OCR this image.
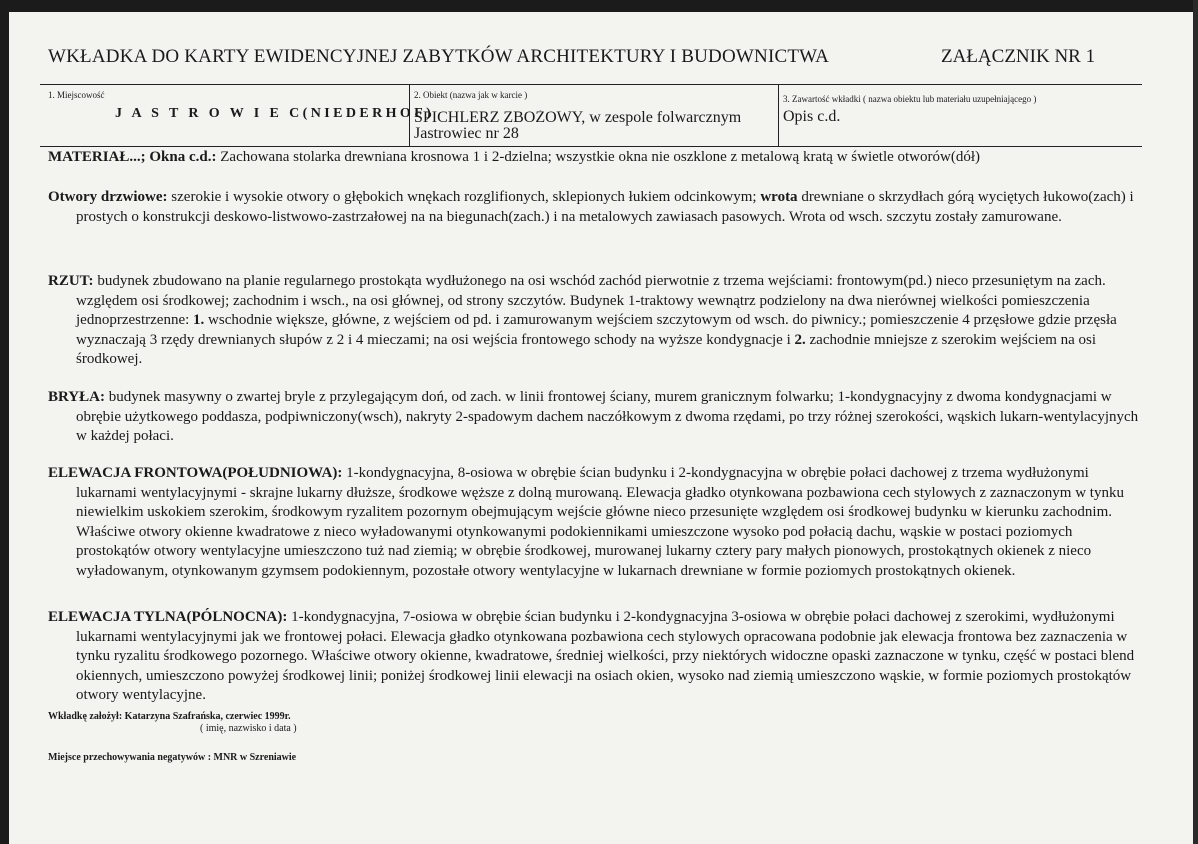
WKŁADKA DO KARTY EWIDENCYJNEJ ZABYTKÓW ARCHITEKTURY I BUDOWNICTWA	ZAŁĄCZNIK NR 1
1. Miejscowość
J A S T R O W I E C(NIEDERHOF)
2. Obiekt (nazwa jak w karcie )
SPICHLERZ ZBOŻOWY, w zespole folwarcznym Jastrowiec nr 28
3. Zawartość wkładki ( nazwa obiektu lub materiału uzupełniającego )
Opis c.d.
MATERIAŁ...; Okna c.d.: Zachowana stolarka drewniana krosnowa 1 i 2-dzielna; wszystkie okna nie oszklone z metalową kratą w świetle otworów(dół)
Otwory drzwiowe: szerokie i wysokie otwory o głębokich wnękach rozglifionych, sklepionych łukiem odcinkowym; wrota drewniane o skrzydłach górą wyciętych łukowo(zach) i prostych o konstrukcji deskowo-listwowo-zastrzałowej na na biegunach(zach.) i na metalowych zawiasach pasowych. Wrota od wsch. szczytu zostały zamurowane.
RZUT: budynek zbudowano na planie regularnego prostokąta wydłużonego na osi wschód zachód pierwotnie z trzema wejściami: frontowym(pd.) nieco przesuniętym na zach. względem osi środkowej; zachodnim i wsch., na osi głównej, od strony szczytów. Budynek 1-traktowy wewnątrz podzielony na dwa nierównej wielkości pomieszczenia jednoprzestrzenne: 1. wschodnie większe, główne, z wejściem od pd. i zamurowanym wejściem szczytowym od wsch. do piwnicy.; pomieszczenie 4 przęsłowe gdzie przęsła wyznaczają 3 rzędy drewnianych słupów z 2 i 4 mieczami; na osi wejścia frontowego schody na wyższe kondygnacje i 2. zachodnie mniejsze z szerokim wejściem na osi środkowej.
BRYŁA: budynek masywny o zwartej bryle z przylegającym doń, od zach. w linii frontowej ściany, murem granicznym folwarku; 1-kondygnacyjny z dwoma kondygnacjami w obrębie użytkowego poddasza, podpiwniczony(wsch), nakryty 2-spadowym dachem naczółkowym z dwoma rzędami, po trzy różnej szerokości, wąskich lukarn-wentylacyjnych w każdej połaci.
ELEWACJA FRONTOWA(POŁUDNIOWA): 1-kondygnacyjna, 8-osiowa w obrębie ścian budynku i 2-kondygnacyjna w obrębie połaci dachowej z trzema wydłużonymi lukarnami wentylacyjnymi - skrajne lukarny dłuższe, środkowe węższe z dolną murowaną. Elewacja gładko otynkowana pozbawiona cech stylowych z zaznaczonym w tynku niewielkim uskokiem szerokim, środkowym ryzalitem pozornym obejmującym wejście główne nieco przesunięte względem osi środkowej budynku w kierunku zachodnim. Właściwe otwory okienne kwadratowe z nieco wyładowanymi otynkowanymi podokiennikami umieszczone wysoko pod połacią dachu, wąskie w postaci poziomych prostokątów otwory wentylacyjne umieszczono tuż nad ziemią; w obrębie środkowej, murowanej lukarny cztery pary małych pionowych, prostokątnych okienek z nieco wyładowanym, otynkowanym gzymsem podokiennym, pozostałe otwory wentylacyjne w lukarnach drewniane w formie poziomych prostokątnych okienek.
ELEWACJA TYLNA(PÓLNOCNA): 1-kondygnacyjna, 7-osiowa w obrębie ścian budynku i 2-kondygnacyjna 3-osiowa w obrębie połaci dachowej z szerokimi, wydłużonymi lukarnami wentylacyjnymi jak we frontowej połaci. Elewacja gładko otynkowana pozbawiona cech stylowych opracowana podobnie jak elewacja frontowa bez zaznaczenia w tynku ryzalitu środkowego pozornego. Właściwe otwory okienne, kwadratowe, średniej wielkości, przy niektórych widoczne opaski zaznaczone w tynku, część w postaci blend okiennych, umieszczono powyżej środkowej linii; poniżej środkowej linii elewacji na osiach okien, wysoko nad ziemią umieszczono wąskie, w formie poziomych prostokątów otwory wentylacyjne.
Wkładkę założył: Katarzyna Szafrańska, czerwiec 1999r.
( imię, nazwisko i data )
Miejsce przechowywania negatywów : MNR w Szreniawie
